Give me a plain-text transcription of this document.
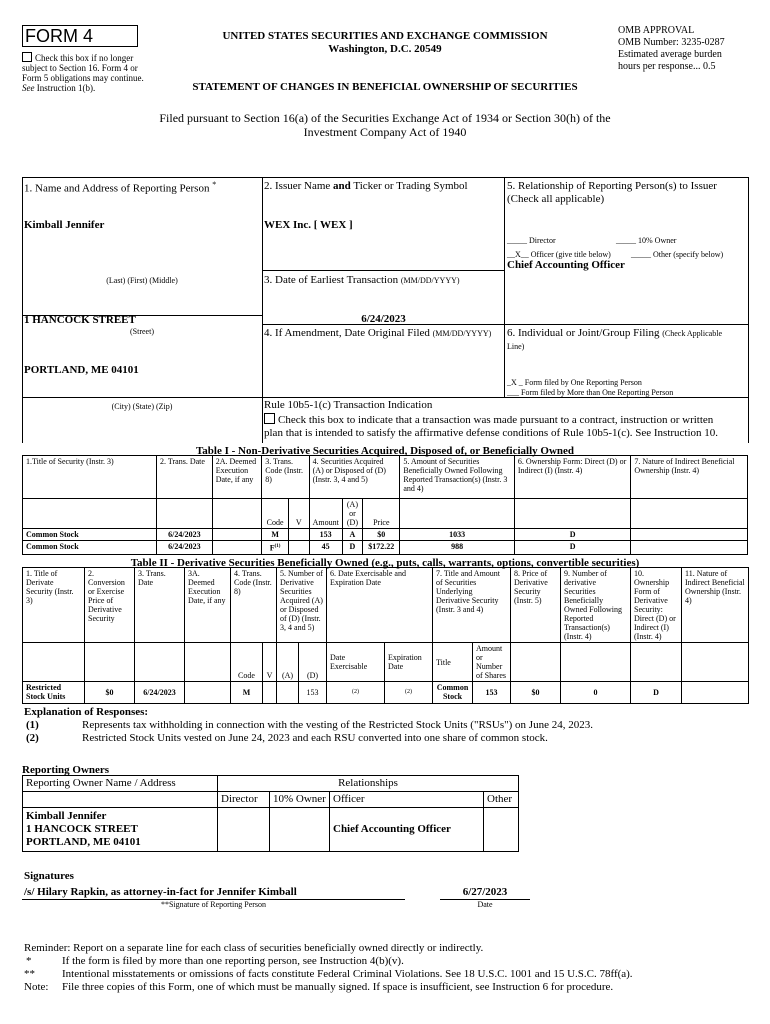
FORM 4
Check this box if no longer subject to Section 16. Form 4 or Form 5 obligations may continue. See Instruction 1(b).
UNITED STATES SECURITIES AND EXCHANGE COMMISSION
Washington, D.C. 20549
STATEMENT OF CHANGES IN BENEFICIAL OWNERSHIP OF SECURITIES
OMB APPROVAL
OMB Number: 3235-0287
Estimated average burden
hours per response... 0.5
Filed pursuant to Section 16(a) of the Securities Exchange Act of 1934 or Section 30(h) of the
Investment Company Act of 1940
1. Name and Address of Reporting Person *
Kimball Jennifer
(Last) (First) (Middle)
1 HANCOCK STREET
(Street)
PORTLAND, ME 04101
(City) (State) (Zip)
2. Issuer Name and Ticker or Trading Symbol
WEX Inc. [ WEX ]
3. Date of Earliest Transaction (MM/DD/YYYY)
6/24/2023
4. If Amendment, Date Original Filed (MM/DD/YYYY)
5. Relationship of Reporting Person(s) to Issuer
(Check all applicable)
_____ Director	_____ 10% Owner
__X__ Officer (give title below)	_____ Other (specify below)
Chief Accounting Officer
6. Individual or Joint/Group Filing (Check Applicable
Line)
_X _ Form filed by One Reporting Person
___ Form filed by More than One Reporting Person
Rule 10b5-1(c) Transaction Indication
Check this box to indicate that a transaction was made pursuant to a contract, instruction or written
plan that is intended to satisfy the affirmative defense conditions of Rule 10b5-1(c). See Instruction 10.
Table I - Non-Derivative Securities Acquired, Disposed of, or Beneficially Owned
1.Title of Security (Instr. 3)	2. Trans. Date	2A. Deemed Execution Date, if any	3. Trans. Code (Instr. 8)		4. Securities Acquired (A) or Disposed of (D) (Instr. 3, 4 and 5)			5. Amount of Securities Beneficially Owned Following Reported Transaction(s) (Instr. 3 and 4)	6. Ownership Form: Direct (D) or Indirect (I) (Instr. 4)	7. Nature of Indirect Beneficial Ownership (Instr. 4)
			Code	V	Amount	(A) or (D)	Price			
Common Stock	6/24/2023		M		153	A	$0	1033	D	
Common Stock	6/24/2023		$F^{(1)}$		45	D	$172.22	988	D	
Table II - Derivative Securities Beneficially Owned (e.g., puts, calls, warrants, options, convertible securities)
1. Title of Derivate Security (Instr. 3)	2. Conversion or Exercise Price of Derivative Security	3. Trans. Date	3A. Deemed Execution Date, if any	4. Trans. Code (Instr. 8)		5. Number of Derivative Securities Acquired (A) or Disposed of (D) (Instr. 3, 4 and 5)		6. Date Exercisable and Expiration Date		7. Title and Amount of Securities Underlying Derivative Security (Instr. 3 and 4)		8. Price of Derivative Security (Instr. 5)	9. Number of derivative Securities Beneficially Owned Following Reported Transaction(s) (Instr. 4)	10. Ownership Form of Derivative Security: Direct (D) or Indirect (I) (Instr. 4)	11. Nature of Indirect Beneficial Ownership (Instr. 4)
				Code	V	(A)	(D)	Date Exercisable	Expiration Date	Title	Amount or Number of Shares				
Restricted Stock Units	$0	6/24/2023		M			153	(2)	(2)	Common Stock	153	$0	0	D	
Explanation of Responses:
(1)	Represents tax withholding in connection with the vesting of the Restricted Stock Units ("RSUs") on June 24, 2023.
(2)	Restricted Stock Units vested on June 24, 2023 and each RSU converted into one share of common stock.
Reporting Owners
Reporting Owner Name / Address	Relationships			
	Director	10% Owner	Officer	Other

Kimball Jennifer
1 HANCOCK STREET
PORTLAND, ME 04101			Chief Accounting Officer	
Signatures
/s/ Hilary Rapkin, as attorney-in-fact for Jennifer Kimball
**Signature of Reporting Person
6/27/2023
Date
Reminder: Report on a separate line for each class of securities beneficially owned directly or indirectly.
*	If the form is filed by more than one reporting person, see Instruction 4(b)(v).
** Intentional misstatements or omissions of facts constitute Federal Criminal Violations. See 18 U.S.C. 1001 and 15 U.S.C. 78ff(a).
Note: File three copies of this Form, one of which must be manually signed. If space is insufficient, see Instruction 6 for procedure.
